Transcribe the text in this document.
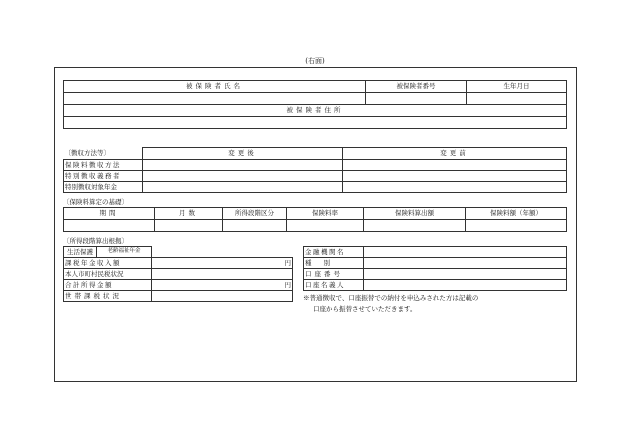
(右面)
被保険者氏名	被保険者番号	生年月日

被保険者住所		

〔徴収方法等〕	変更後	変更前
保険料徴収方法		
特別徴収義務者		
特別徴収対象年金		
〔保険料算定の基礎〕
期間	月数	所得段階区分	保険料率	保険料算出額	保険料額（年額）

〔所得段階算出根拠〕
生活保護	老齢福祉年金	
課税年金収入額		円
本人市町村民税状況		
合計所得金額		円
世帯課税状況		
金融機関名	
種別	
口座番号	
口座名義人	
※普通徴収で、口座振替での納付を申込みされた方は記載の
口座から振替させていただきます。
